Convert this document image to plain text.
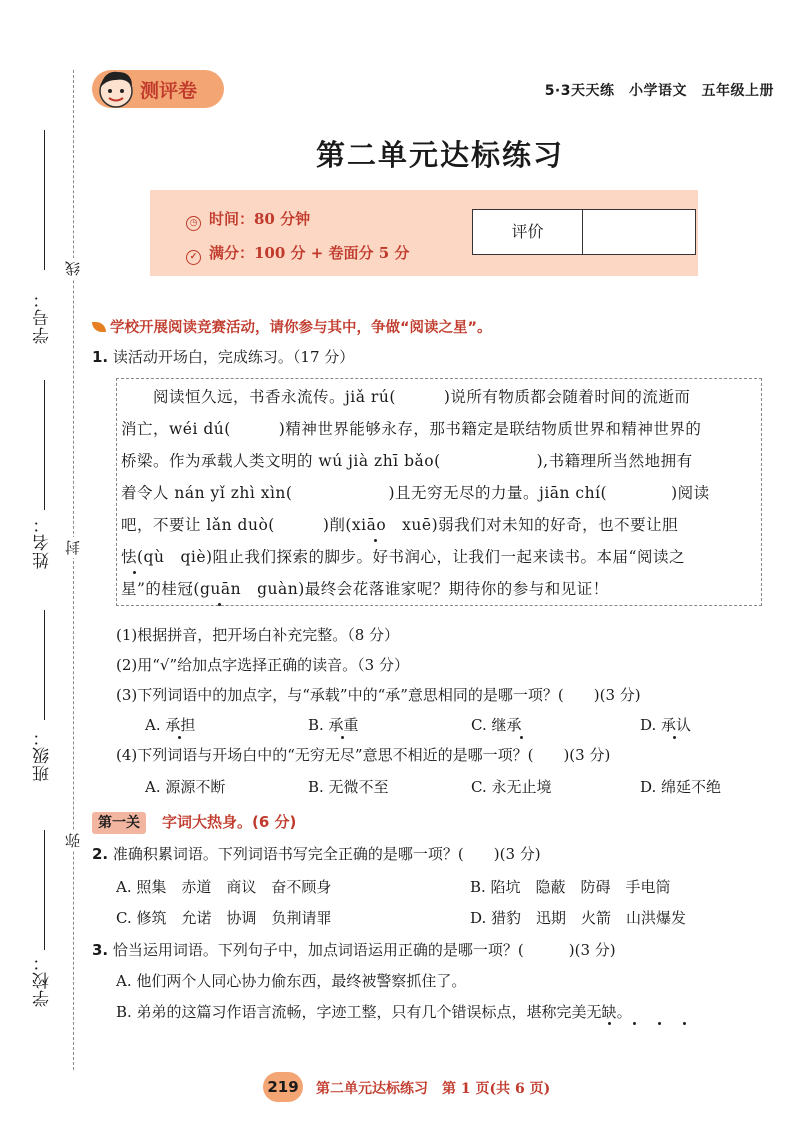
学号：
姓名：
班级：
学校：
线
封
弥
测评卷	5·3天天练　小学语文　五年级上册
第二单元达标练习
◷ 时间：80 分钟
✓ 满分：100 分 + 卷面分 5 分
评价
学校开展阅读竞赛活动，请你参与其中，争做“阅读之星”。
1. 读活动开场白，完成练习。（17 分）
　　阅读恒久远，书香永流传。jiǎ rú(　　　)说所有物质都会随着时间的流逝而
消亡，wéi dú(　　　)精神世界能够永存，那书籍定是联结物质世界和精神世界的
桥梁。作为承载人类文明的 wú jià zhī bǎo(　　　　　　),书籍理所当然地拥有
着令人 nán yǐ zhì xìn(　　　　　　)且无穷无尽的力量。jiān chí(　　　　)阅读
吧，不要让 lǎn duò(　　　)削(xiāo　xuē)弱我们对未知的好奇，也不要让胆
怯(qù　qiè)阻止我们探索的脚步。好书润心，让我们一起来读书。本届“阅读之
星”的桂冠(guān　guàn)最终会花落谁家呢？期待你的参与和见证！
(1)根据拼音，把开场白补充完整。（8 分）
(2)用“√”给加点字选择正确的读音。（3 分）
(3)下列词语中的加点字，与“承载”中的“承”意思相同的是哪一项？(　　)(3 分)
A. 承担	B. 承重	C. 继承	D. 承认
(4)下列词语与开场白中的“无穷无尽”意思不相近的是哪一项？(　　)(3 分)
A. 源源不断	B. 无微不至	C. 永无止境	D. 绵延不绝
第一关	字词大热身。(6 分)
2. 准确积累词语。下列词语书写完全正确的是哪一项？(　　)(3 分)
A. 照集　赤道　商议　奋不顾身	B. 陷坑　隐蔽　防碍　手电筒
C. 修筑　允诺　协调　负荆请罪	D. 猎豹　迅期　火箭　山洪爆发
3. 恰当运用词语。下列句子中，加点词语运用正确的是哪一项？(　　　)(3 分)
A. 他们两个人同心协力偷东西，最终被警察抓住了。
B. 弟弟的这篇习作语言流畅，字迹工整，只有几个错误标点，堪称完美无缺。
219	第二单元达标练习　第 1 页(共 6 页)
